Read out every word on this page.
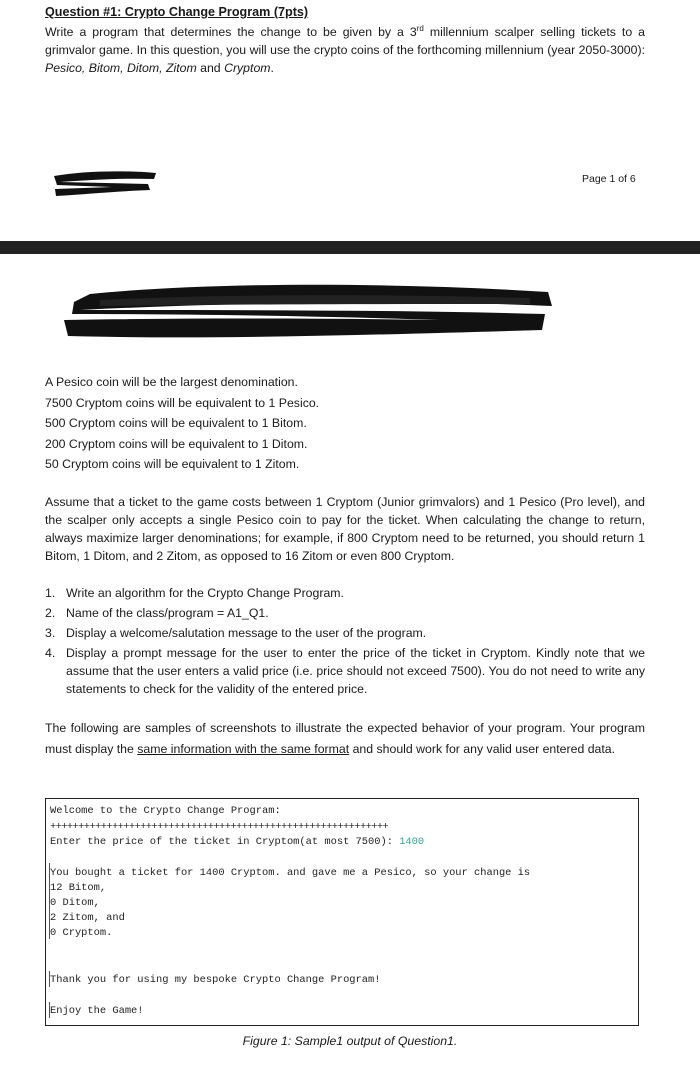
Question #1: Crypto Change Program (7pts)
Write a program that determines the change to be given by a 3rd millennium scalper selling tickets to a grimvalor game. In this question, you will use the crypto coins of the forthcoming millennium (year 2050-3000): Pesico, Bitom, Ditom, Zitom and Cryptom.
Page 1 of 6
A Pesico coin will be the largest denomination.
7500 Cryptom coins will be equivalent to 1 Pesico.
500 Cryptom coins will be equivalent to 1 Bitom.
200 Cryptom coins will be equivalent to 1 Ditom.
50 Cryptom coins will be equivalent to 1 Zitom.
Assume that a ticket to the game costs between 1 Cryptom (Junior grimvalors) and 1 Pesico (Pro level), and the scalper only accepts a single Pesico coin to pay for the ticket. When calculating the change to return, always maximize larger denominations; for example, if 800 Cryptom need to be returned, you should return 1 Bitom, 1 Ditom, and 2 Zitom, as opposed to 16 Zitom or even 800 Cryptom.
1. Write an algorithm for the Crypto Change Program.
2. Name of the class/program = A1_Q1.
3. Display a welcome/salutation message to the user of the program.
4. Display a prompt message for the user to enter the price of the ticket in Cryptom. Kindly note that we assume that the user enters a valid price (i.e. price should not exceed 7500). You do not need to write any statements to check for the validity of the entered price.
The following are samples of screenshots to illustrate the expected behavior of your program. Your program must display the same information with the same format and should work for any valid user entered data.
Welcome to the Crypto Change Program:
++++++++++++++++++++++++++++++++++++++++++++++++++++++++++++
Enter the price of the ticket in Cryptom(at most 7500): 1400
You bought a ticket for 1400 Cryptom. and gave me a Pesico, so your change is
12 Bitom,
0 Ditom,
2 Zitom, and
0 Cryptom.
Thank you for using my bespoke Crypto Change Program!
Enjoy the Game!
Figure 1: Sample1 output of Question1.
